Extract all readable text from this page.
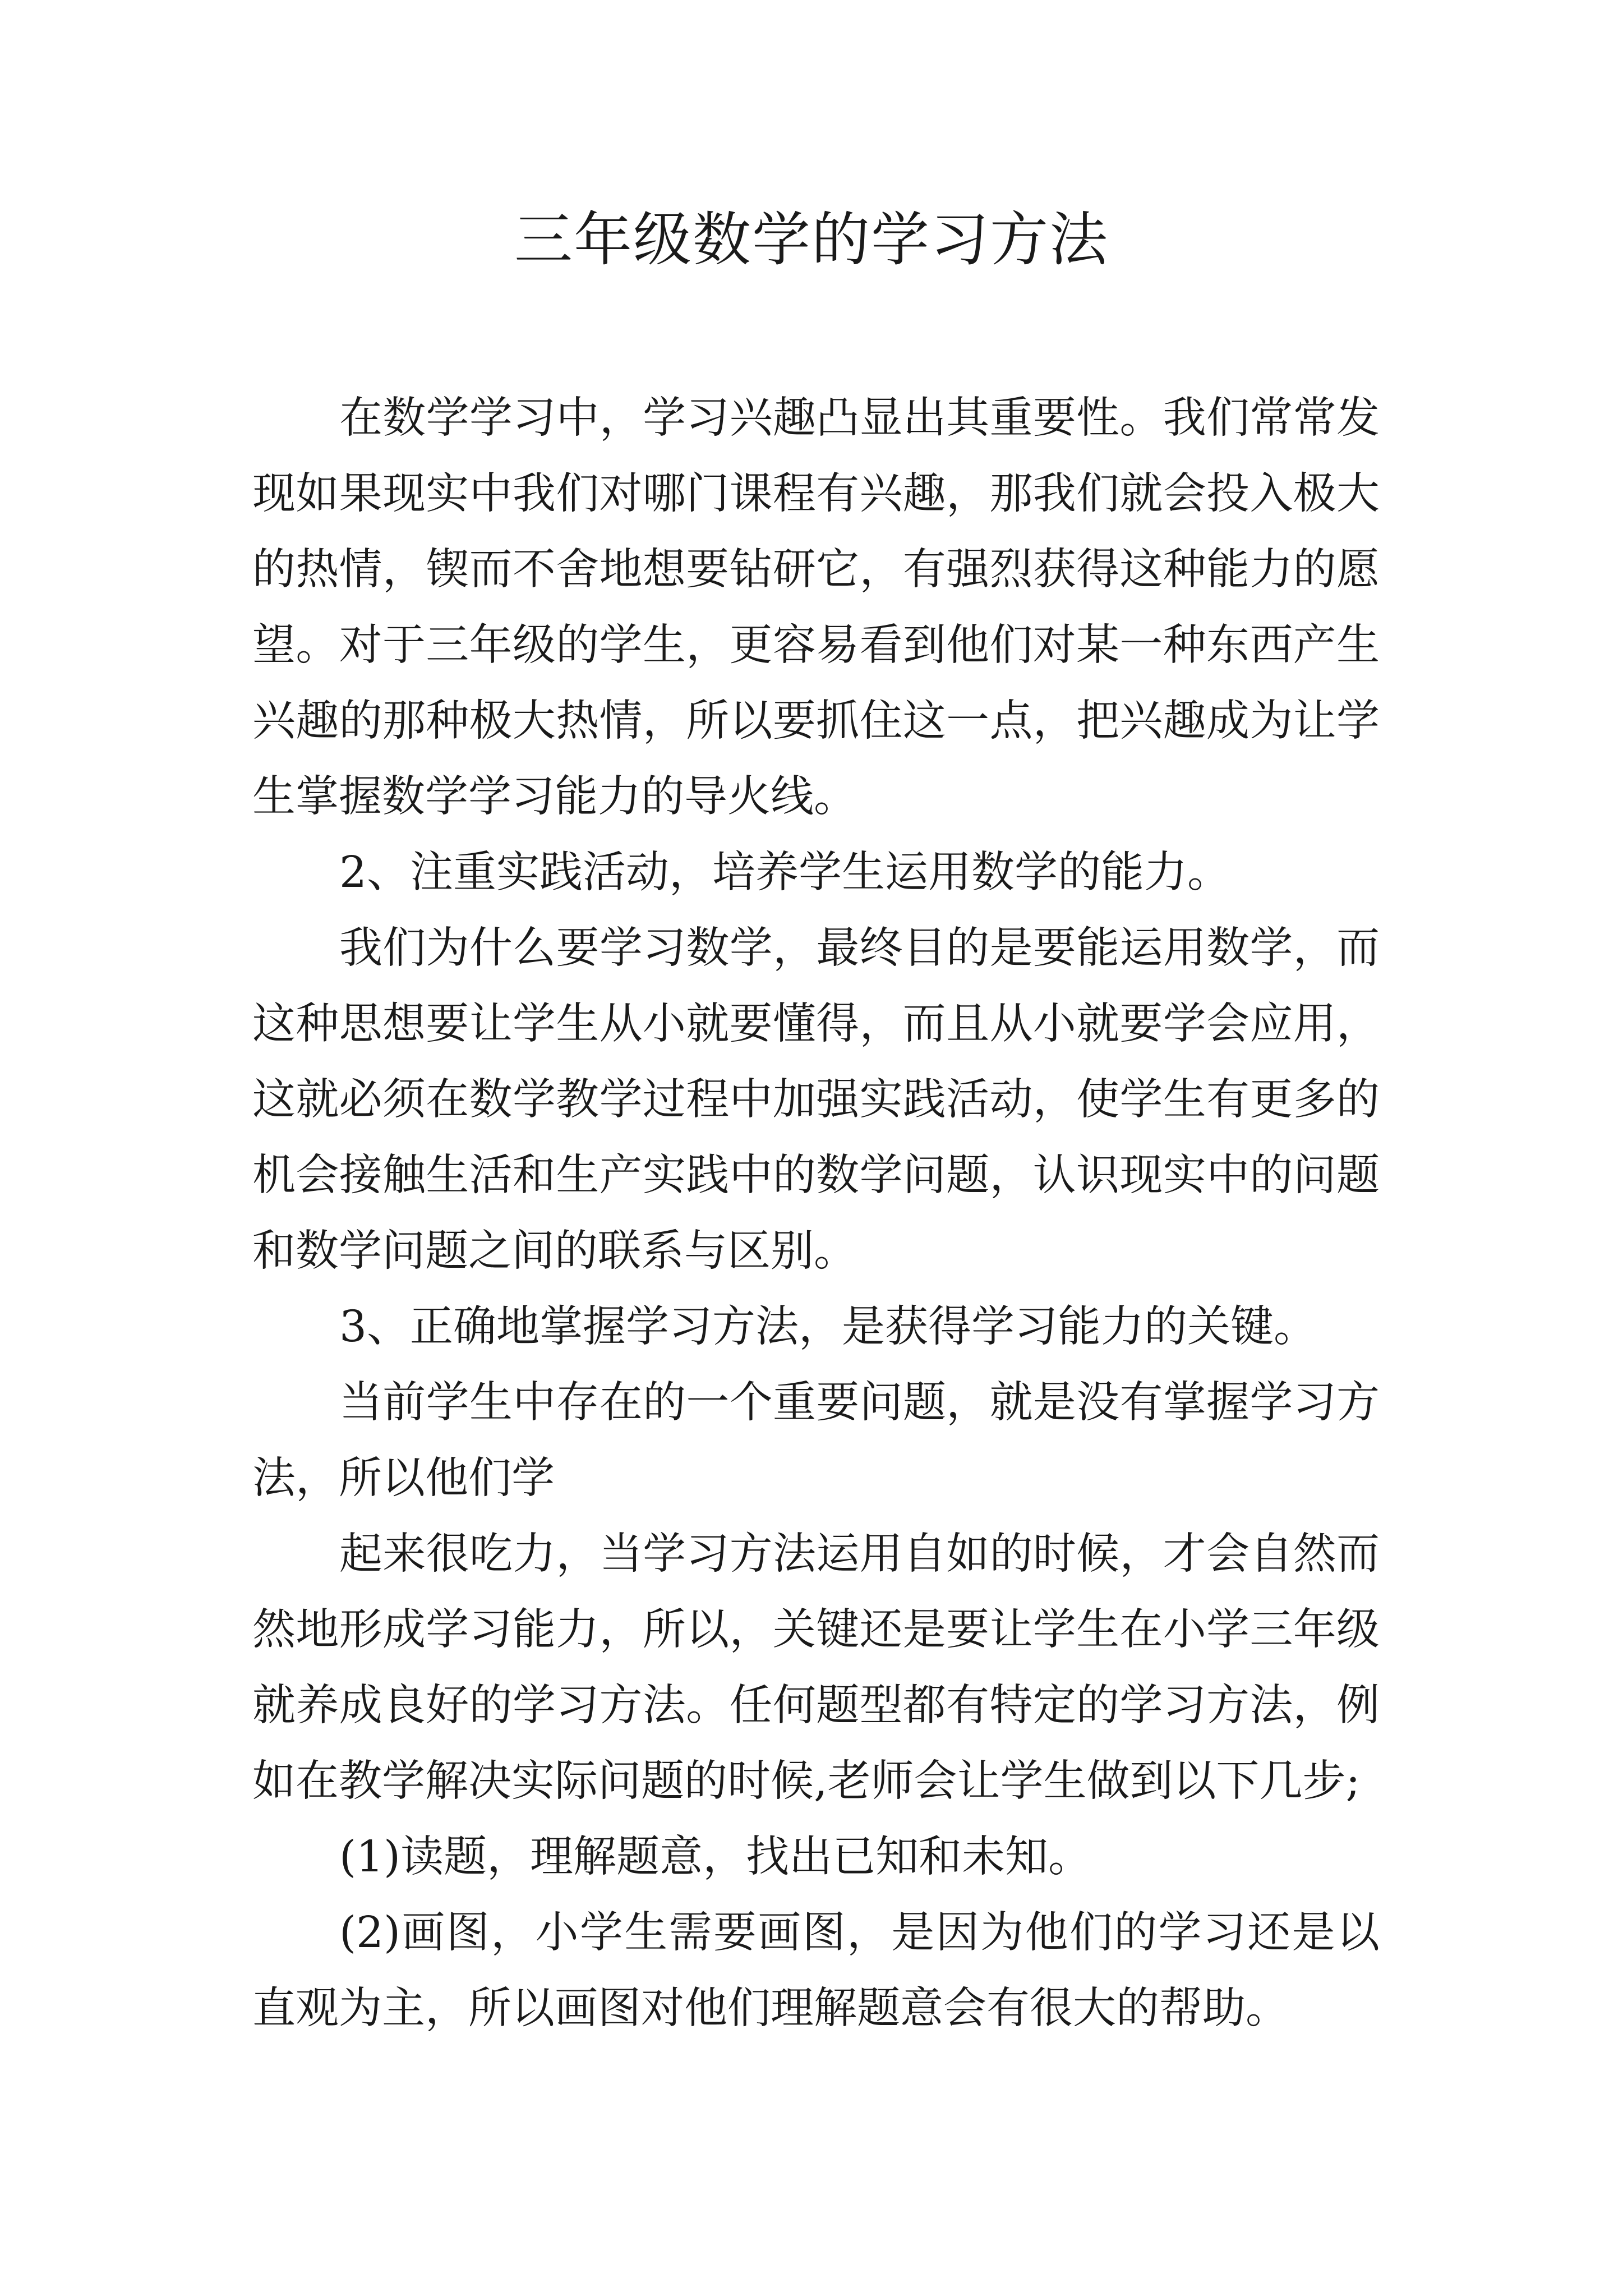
三年级数学的学习方法
在数学学习中，学习兴趣凸显出其重要性。我们常常发
现如果现实中我们对哪门课程有兴趣，那我们就会投入极大
的热情，锲而不舍地想要钻研它，有强烈获得这种能力的愿
望。对于三年级的学生，更容易看到他们对某一种东西产生
兴趣的那种极大热情，所以要抓住这一点，把兴趣成为让学
生掌握数学学习能力的导火线。
2、注重实践活动，培养学生运用数学的能力。
我们为什么要学习数学，最终目的是要能运用数学，而
这种思想要让学生从小就要懂得，而且从小就要学会应用，
这就必须在数学教学过程中加强实践活动，使学生有更多的
机会接触生活和生产实践中的数学问题，认识现实中的问题
和数学问题之间的联系与区别。
3、正确地掌握学习方法，是获得学习能力的关键。
当前学生中存在的一个重要问题，就是没有掌握学习方
法，所以他们学
起来很吃力，当学习方法运用自如的时候，才会自然而
然地形成学习能力，所以，关键还是要让学生在小学三年级
就养成良好的学习方法。任何题型都有特定的学习方法，例
如在教学解决实际问题的时候,老师会让学生做到以下几步;
(1)读题，理解题意，找出已知和未知。
(2)画图，小学生需要画图，是因为他们的学习还是以
直观为主，所以画图对他们理解题意会有很大的帮助。
